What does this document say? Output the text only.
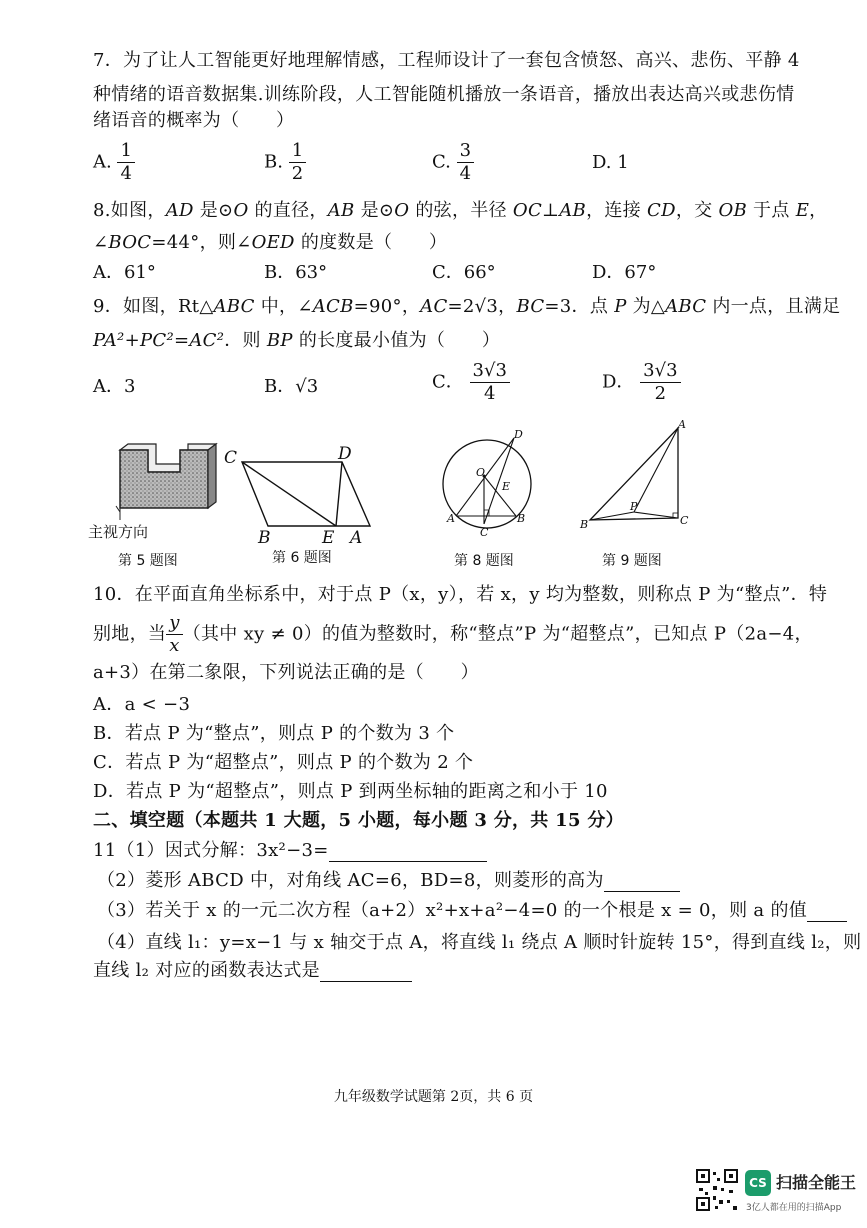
7．为了让人工智能更好地理解情感，工程师设计了一套包含愤怒、高兴、悲伤、平静 4
种情绪的语音数据集.训练阶段，人工智能随机播放一条语音，播放出表达高兴或悲伤情
绪语音的概率为（　　）
A. $\frac{1}{4}$	B. $\frac{1}{2}$	C. $\frac{3}{4}$	D. 1
8.如图，AD 是⊙O 的直径，AB 是⊙O 的弦，半径 OC⊥AB，连接 CD，交 OB 于点 E，
∠BOC=44°，则∠OED 的度数是（　　）
A．61°	B．63°	C．66°	D．67°
9．如图，Rt△ABC 中，∠ACB=90°，AC=2√3，BC=3．点 P 为△ABC 内一点，且满足
PA²+PC²=AC²．则 BP 的长度最小值为（　　）
A．3	B．√3	C． $\frac{3√3}{4}$	D． $\frac{3√3}{2}$
主视方向
第 5 题图
C	D
B	E A
第 6 题图
D
O
E
A	B
C
第 8 题图
A
P
B	C
第 9 题图
10．在平面直角坐标系中，对于点 P（x，y），若 x，y 均为整数，则称点 P 为“整点”．特
别地，当 $\frac{y}{x}$ （其中 xy ≠ 0）的值为整数时，称“整点”P 为“超整点”，已知点 P（2a−4，
a+3）在第二象限，下列说法正确的是（　　）
A．a < −3
B．若点 P 为“整点”，则点 P 的个数为 3 个
C．若点 P 为“超整点”，则点 P 的个数为 2 个
D．若点 P 为“超整点”，则点 P 到两坐标轴的距离之和小于 10
二、填空题（本题共 1 大题，5 小题，每小题 3 分，共 15 分）
11（1）因式分解：3x²−3=
（2）菱形 ABCD 中，对角线 AC=6，BD=8，则菱形的高为
（3）若关于 x 的一元二次方程（a+2）x²+x+a²−4=0 的一个根是 x = 0，则 a 的值
（4）直线 l₁：y=x−1 与 x 轴交于点 A，将直线 l₁ 绕点 A 顺时针旋转 15°，得到直线 l₂，则
直线 l₂ 对应的函数表达式是
九年级数学试题第 2页，共 6 页
CS 扫描全能王
3亿人都在用的扫描App
